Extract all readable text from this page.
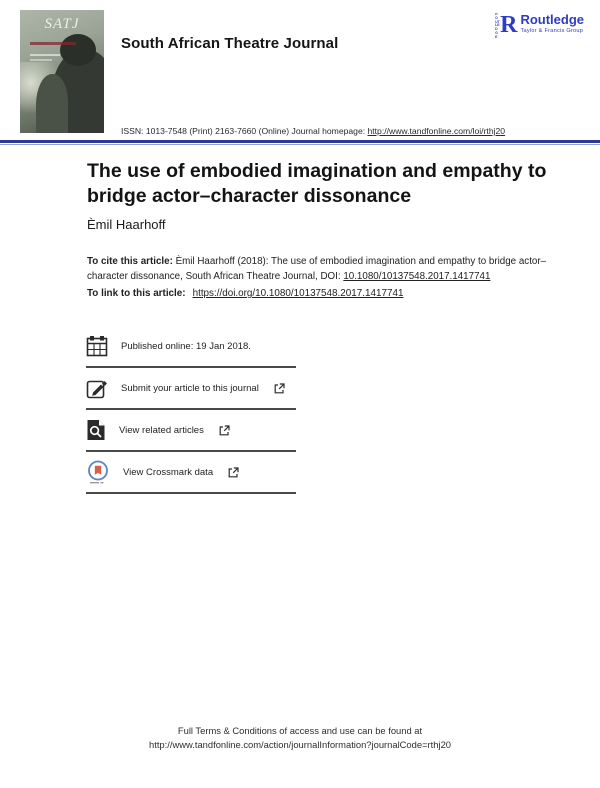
SATJ
South African Theatre Journal
ROUTLEDGE R Routledge
Taylor & Francis Group
ISSN: 1013-7548 (Print) 2163-7660 (Online) Journal homepage: http://www.tandfonline.com/loi/rthj20
The use of embodied imagination and empathy to bridge actor–character dissonance
Èmil Haarhoff

To cite this article: Èmil Haarhoff (2018): The use of embodied imagination and empathy to bridge actor–character dissonance, South African Theatre Journal, DOI: 10.1080/10137548.2017.1417741

To link to this article: https://doi.org/10.1080/10137548.2017.1417741

Published online: 19 Jan 2018.
Submit your article to this journal
View related articles
View Crossmark data
Full Terms & Conditions of access and use can be found at
http://www.tandfonline.com/action/journalInformation?journalCode=rthj20
